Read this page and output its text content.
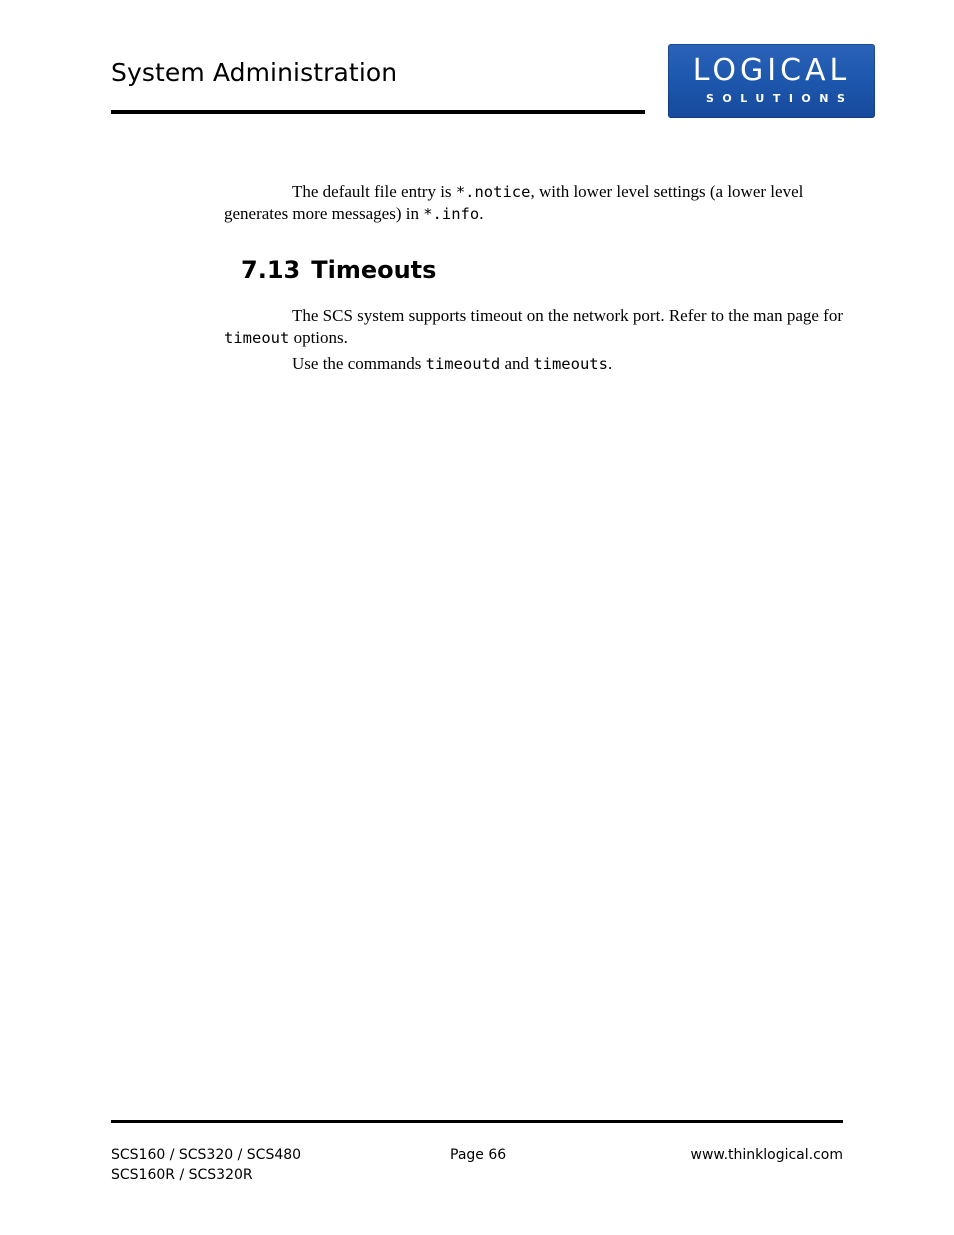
System Administration	LOGICAL
SOLUTIONS

The default file entry is *.notice, with lower level settings (a lower level generates more messages) in *.info.

7.13 Timeouts

The SCS system supports timeout on the network port. Refer to the man page for timeout options.

Use the commands timeoutd and timeouts.

SCS160 / SCS320 / SCS480
SCS160R / SCS320R
Page 66	www.thinklogical.com
